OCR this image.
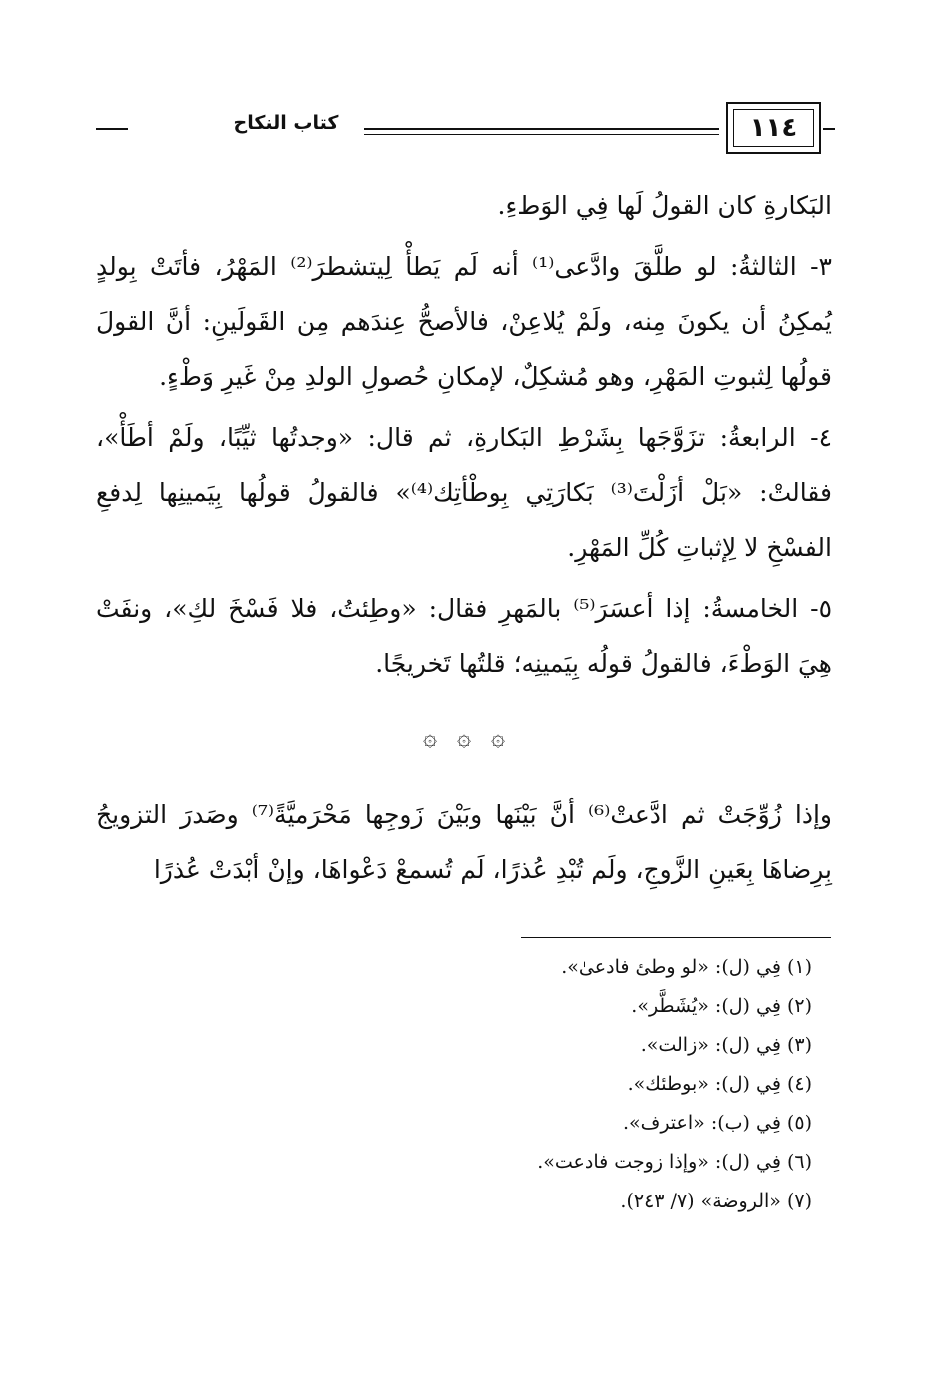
كتاب النكاح	١١٤

البَكارةِ كان القولُ لَها فِي الوَطءِ.

٣- الثالثةُ: لو طلَّقَ وادَّعى⁽¹⁾ أنه لَم يَطأْ لِيتشطرَ⁽²⁾ المَهْرُ، فأتَتْ بِولدٍ يُمكِنُ أن يكونَ مِنه، ولَمْ يُلاعِنْ، فالأصحُّ عِندَهم مِن القَولَينِ: أنَّ القولَ قولُها لِثبوتِ المَهْرِ، وهو مُشكِلٌ، لإمكانِ حُصولِ الولدِ مِنْ غَيرِ وَطْءٍ.

٤- الرابعةُ: تزَوَّجَها بِشَرْطِ البَكارةِ، ثم قال: «وجدتُها ثيِّبًا، ولَمْ أطَأْ»، فقالتْ: «بَلْ أزَلْتَ⁽³⁾ بَكارَتِي بِوطْأتِك⁽⁴⁾» فالقولُ قولُها بِيَمينِها لِدفعِ الفسْخِ لا لِإثباتِ كُلِّ المَهْرِ.

٥- الخامسةُ: إذا أعسَرَ⁽⁵⁾ بالمَهرِ فقال: «وطِئتُ، فلا فَسْخَ لكِ»، ونفَتْ هِيَ الوَطْءَ، فالقولُ قولُه بِيَمينِه؛ قلتُها تَخريجًا.

۞ ۞ ۞

وإذا زُوِّجَتْ ثم ادَّعتْ⁽⁶⁾ أنَّ بَيْنَها وبَيْنَ زَوجِها مَحْرَميَّةً⁽⁷⁾ وصَدرَ التزويجُ بِرِضاهَا بِعَينِ الزَّوجِ، ولَم تُبْدِ عُذرًا، لَم تُسمعْ دَعْواهَا، وإنْ أبْدَتْ عُذرًا

(١) فِي (ل): «لو وطئ فادعىٰ».

(٢) فِي (ل): «يُشَطَّر».

(٣) فِي (ل): «زالت».

(٤) فِي (ل): «بوطئك».

(٥) فِي (ب): «اعترف».

(٦) فِي (ل): «وإذا زوجت فادعت».

(٧) «الروضة» (٧/ ٢٤٣).
